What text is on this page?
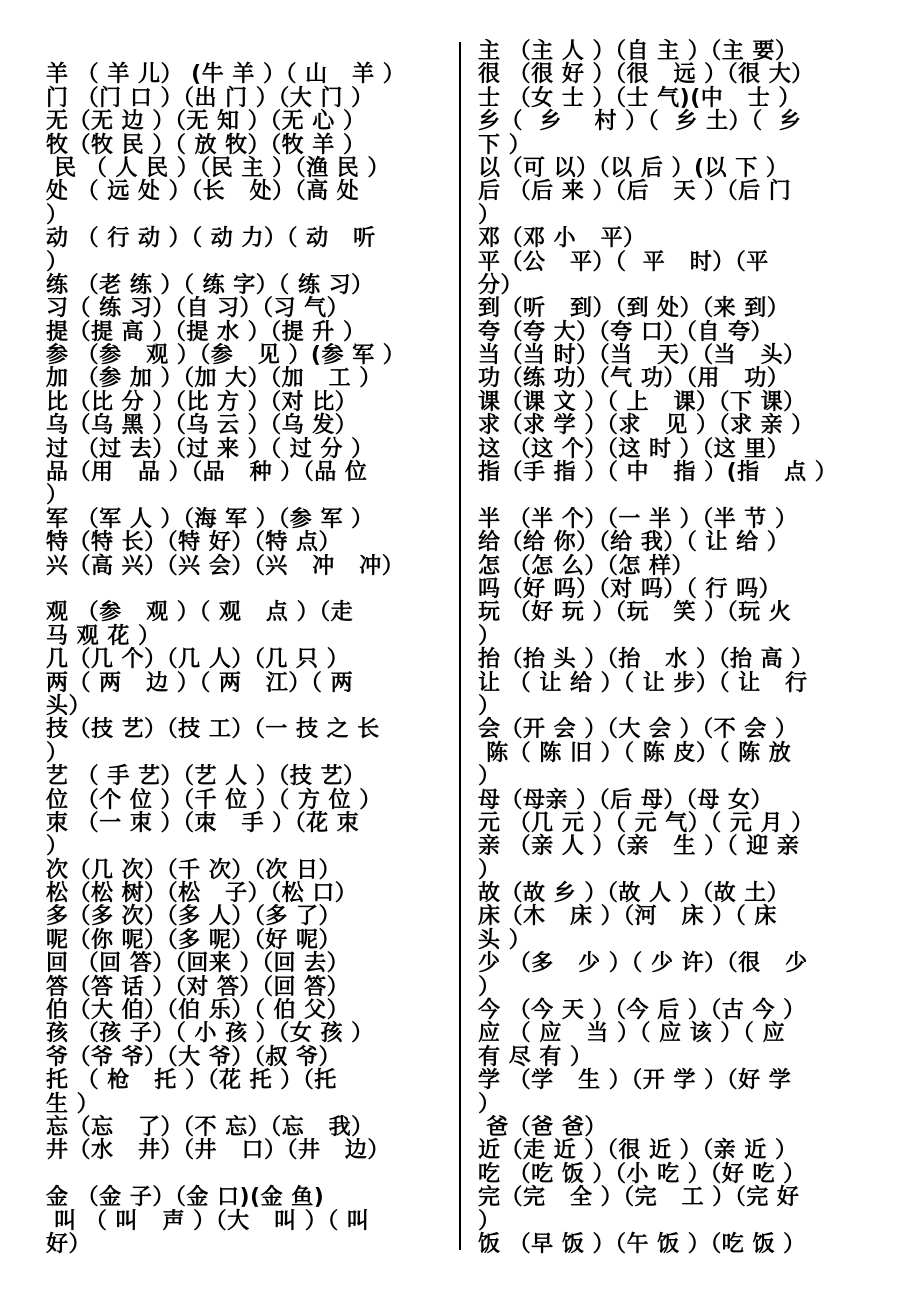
羊 （ 羊 儿） (牛 羊 ）（ 山   羊 ）
门 （门 口 ）（出 门 ）（大 门 ）
无（无 边 ）（无 知 ）（无 心 ）
牧（牧 民 ）（ 放 牧）（牧 羊 ）
民 （ 人 民 ）（民 主 ）（渔 民 ）
处 （ 远 处 ）（长   处）（高 处
）
动 （ 行 动 ）（ 动 力）（ 动   听
）
练 （老 练 ）（ 练 字）（ 练 习）
习（ 练 习）（自 习）（习 气）
提（提 高 ）（提 水 ）（提 升 ）
参 （参   观 ）（参   见 ）(参 军 ）
加 （参 加 ）（加 大）（加   工 ）
比（比 分 ）（比 方 ）（对 比）
乌（乌 黑 ）（乌 云 ）（乌 发）
过 （过 去）（过 来 ）（ 过 分 ）
品（用   品 ）（品   种 ）（品 位
）
军 （军 人 ）（海 军 ）（参 军 ）
特（特 长）（特 好）（特 点）
兴（高 兴）（兴 会）（兴   冲   冲）
观 （参   观 ）（ 观   点 ）（走
马 观 花 ）
几（几 个）（几 人）（几 只 ）
两（ 两   边 ）（ 两   江）（ 两
头）
技（技 艺）（技 工）（一 技 之 长
）
艺 （ 手 艺）（艺 人 ）（技 艺）
位 （个 位 ）（千 位 ）（ 方 位 ）
朿 （一 朿 ）（朿   手 ）（花 朿
）
次（几 次）（千 次）（次 日）
松（松 树）（松   子）（松 口）
多（多 次）（多 人）（多 了）
呢（你 呢）（多 呢）（好 呢）
回 （回 答）（回来 ）（回 去）
答（答 话 ）（对 答）（回 答）
伯（大 伯）（伯 乐）（ 伯 父）
孩 （孩 子）（ 小 孩 ）（女 孩 ）
爷（爷 爷）（大 爷）（叔 爷）
托 （ 枪   托 ）（花 托 ）（托
生 ）
忘（忘   了）（不 忘）（忘   我）
井（水   井）（井   口）（井   边）
金 （金 子）（金 口)(金 鱼)
叫 （ 叫   声 ）（大   叫 ）（ 叫
好）
主 （主 人 ）（自 主 ）（主 要）
很 （很 好 ）（很   远 ）（很 大）
士 （女 士 ）（士 气)(中   士 ）
乡（  乡    村 ）（  乡 土）（  乡
下 ）
以（可 以）（以 后 ）(以 下 ）
后 （后 来 ）（后   天 ）（后 门
）
邓（邓 小   平）
平（公   平）（  平   时）（平
分）
到（听   到）（到 处）（来 到）
夸（夸 大）（夸 口）（自 夸）
当（当 时）（当   天）（当   头）
功（练 功）（气 功）（用   功）
课（课 文 ）（ 上   课）（下 课）
求（求 学 ）（求   见 ）（求 亲 ）
这 （这 个）（这 时 ）（这 里）
指（手 指 ）（ 中   指 ）(指   点 ）
半 （半 个）（一 半 ）（半 节 ）
给（给 你）（给 我）（ 让 给 ）
怎 （怎 么）（怎 样）
吗（好 吗）（对 吗）（ 行 吗）
玩 （好 玩 ）（玩   笑 ）（玩 火
）
抬（抬 头 ）（抬   水 ）（抬 高 ）
让 （ 让 给 ）（ 让 步）（ 让   行
）
会（开 会 ）（大 会 ）（不 会 ）
陈（ 陈 旧 ）（ 陈 皮）（ 陈 放
）
母（母亲 ）（后 母）（母 女）
元 （几 元 ）（ 元 气）（ 元 月 ）
亲 （亲 人 ）（亲   生 ）（ 迎 亲
）
故（故 乡 ）（故 人 ）（故 土）
床（木   床 ）（河   床 ）（ 床
头 ）
少 （多   少 ）（ 少 许）（很   少
）
今 （今 天 ）（今 后 ）（古 今 ）
应 （ 应   当 ）（ 应 该 ）（ 应
有 尽 有 ）
学 （学   生 ）（开 学 ）（好 学
）
爸（爸 爸）
近（走 近 ）（很 近 ）（亲 近 ）
吃 （吃 饭 ）（小 吃 ）（好 吃 ）
完（完   全 ）（完   工 ）（完 好
）
饭 （早 饭 ）（午 饭 ）（吃 饭 ）
